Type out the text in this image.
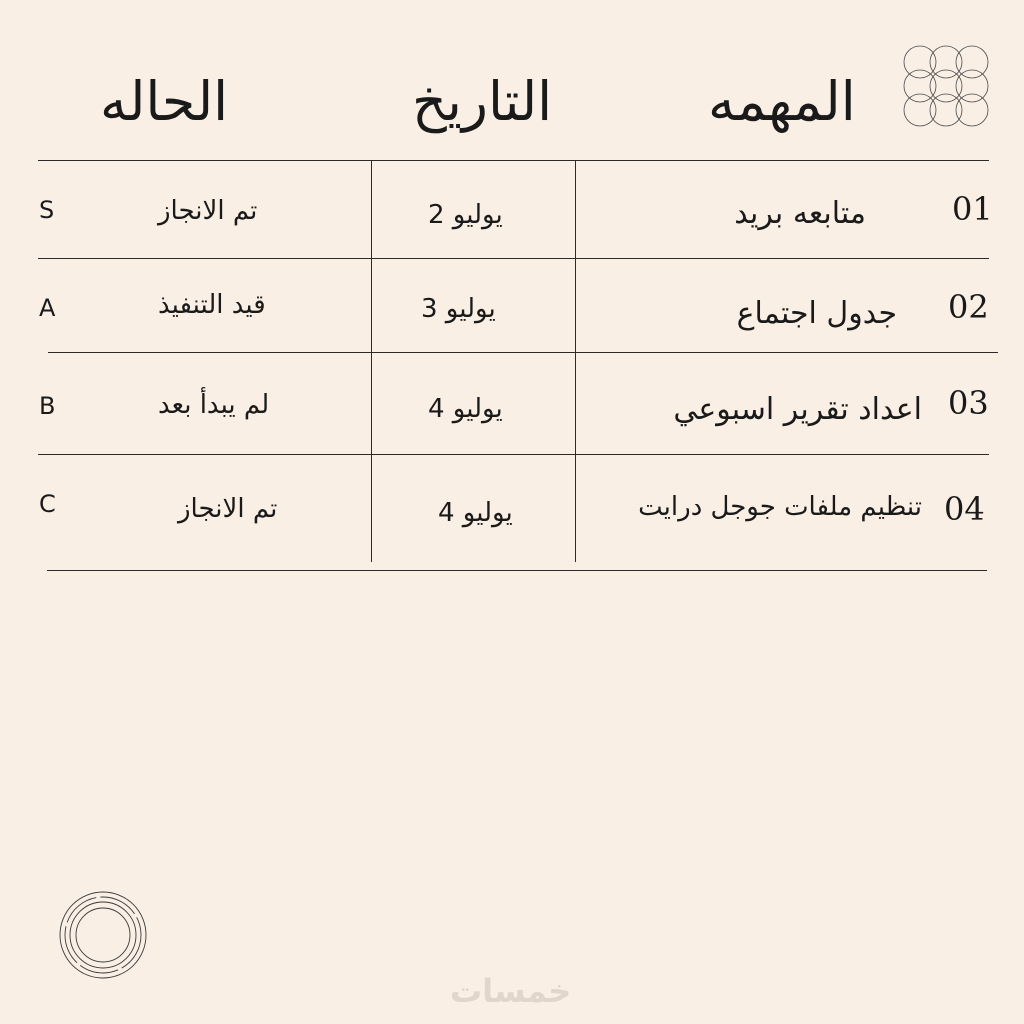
الحاله	التاريخ	المهمه
01
متابعه بريد
يوليو 2
تم الانجاز
S
02
جدول اجتماع
يوليو 3
قيد التنفيذ
A
03
اعداد تقرير اسبوعي
يوليو 4
لم يبدأ بعد
B
04
تنظيم ملفات جوجل درايت
يوليو 4
تم الانجاز
C
خمسات
